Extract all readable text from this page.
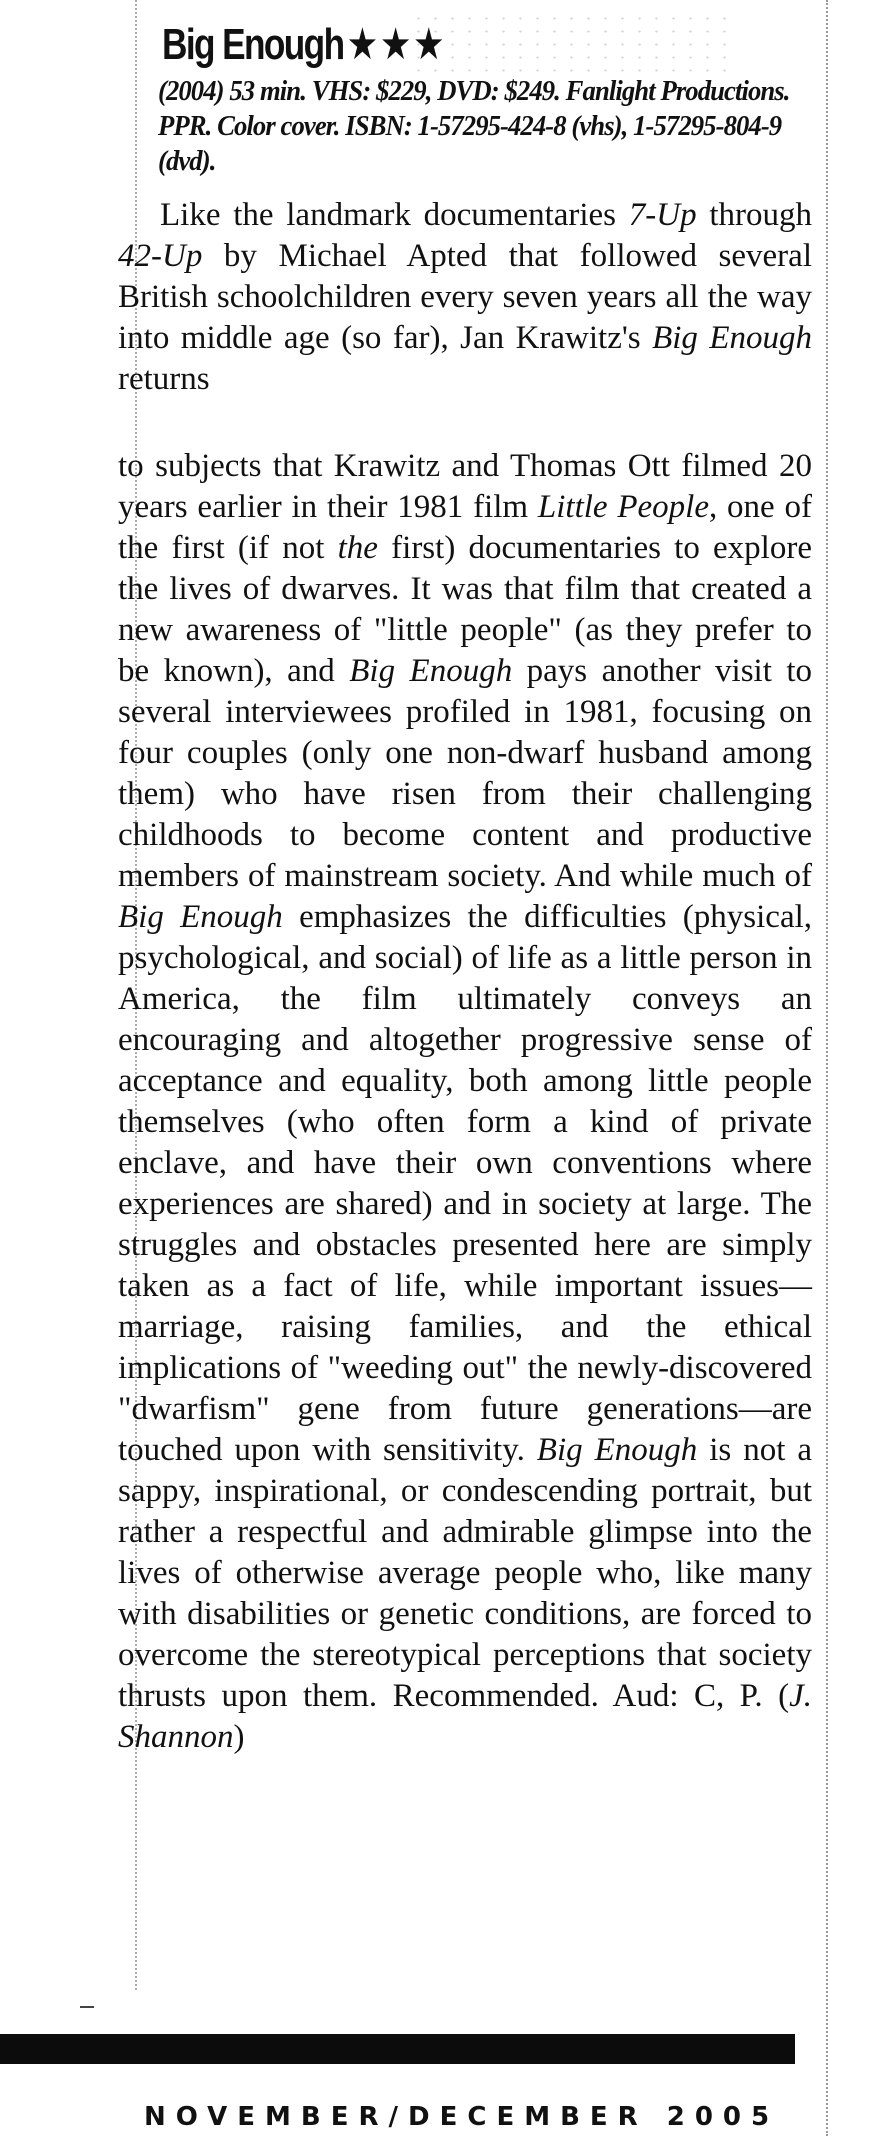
Big Enough★★★
(2004) 53 min. VHS: $229, DVD: $249. Fanlight Productions. PPR. Color cover. ISBN: 1-57295-424-8 (vhs), 1-57295-804-9 (dvd).

Like the landmark documentaries 7-Up through 42-Up by Michael Apted that followed several British schoolchildren every seven years all the way into middle age (so far), Jan Krawitz's Big Enough returns

to subjects that Krawitz and Thomas Ott filmed 20 years earlier in their 1981 film Little People, one of the first (if not the first) documentaries to explore the lives of dwarves. It was that film that created a new awareness of "little people" (as they prefer to be known), and Big Enough pays another visit to several interviewees profiled in 1981, focusing on four couples (only one non-dwarf husband among them) who have risen from their challenging childhoods to become content and productive members of mainstream society. And while much of Big Enough emphasizes the difficulties (physical, psychological, and social) of life as a little person in America, the film ultimately conveys an encouraging and altogether progressive sense of acceptance and equality, both among little people themselves (who often form a kind of private enclave, and have their own conventions where experiences are shared) and in society at large. The struggles and obstacles presented here are simply taken as a fact of life, while important issues—marriage, raising families, and the ethical implications of "weeding out" the newly-discovered "dwarfism" gene from future generations—are touched upon with sensitivity. Big Enough is not a sappy, inspirational, or condescending portrait, but rather a respectful and admirable glimpse into the lives of otherwise average people who, like many with disabilities or genetic conditions, are forced to overcome the stereotypical perceptions that society thrusts upon them. Recommended. Aud: C, P. (J. Shannon)

NOVEMBER/DECEMBER 2005
